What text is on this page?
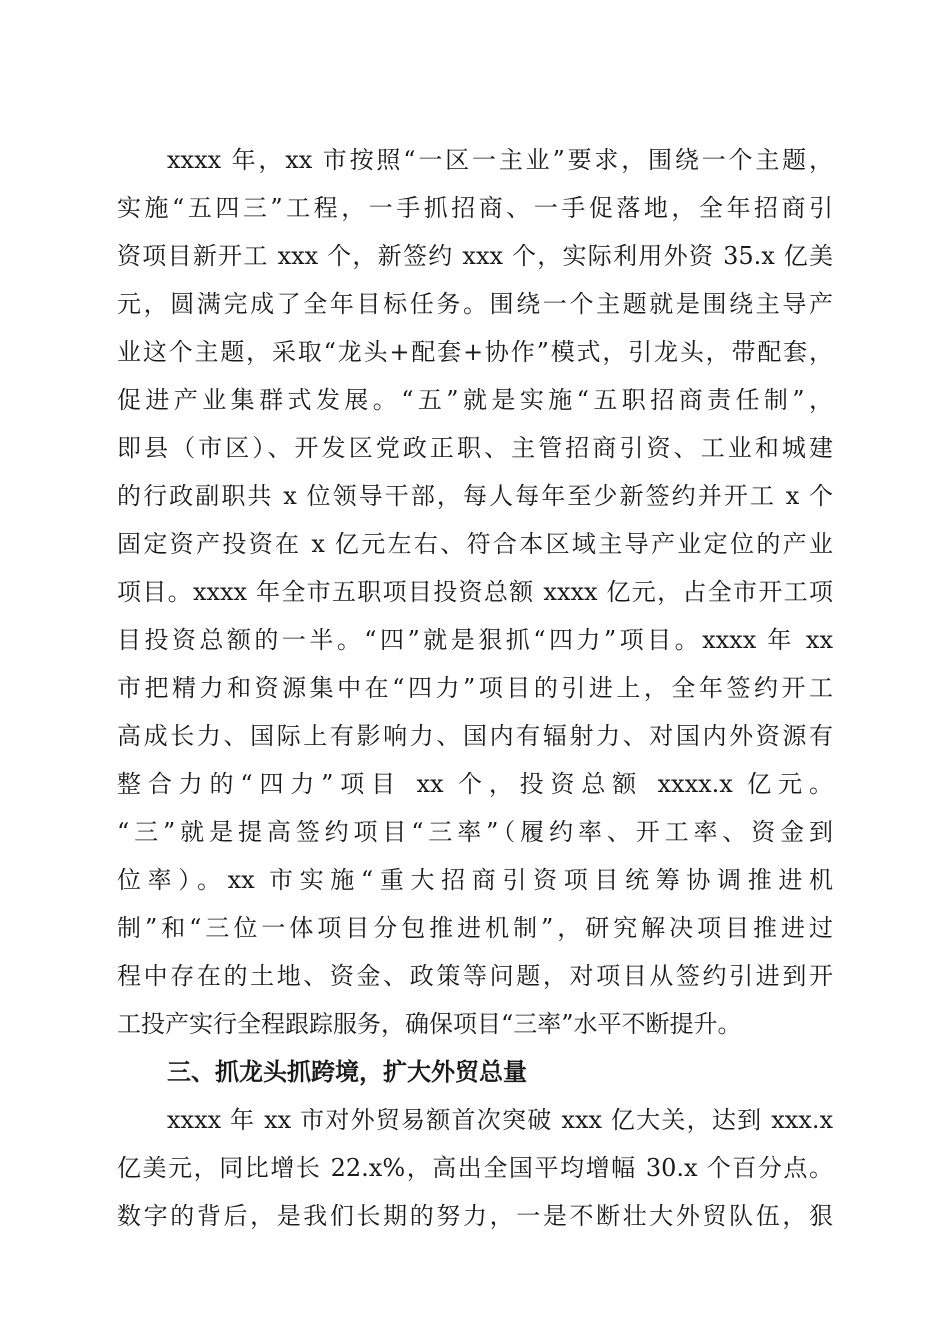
xxxx 年，xx 市按照“一区一主业”要求，围绕一个主题，
实施“五四三”工程，一手抓招商、一手促落地，全年招商引
资项目新开工 xxx 个，新签约 xxx 个，实际利用外资 35.x 亿美
元，圆满完成了全年目标任务。围绕一个主题就是围绕主导产
业这个主题，采取“龙头+配套+协作”模式，引龙头，带配套，
促进产业集群式发展。“五”就是实施“五职招商责任制”，
即县（市区）、开发区党政正职、主管招商引资、工业和城建
的行政副职共 x 位领导干部，每人每年至少新签约并开工 x 个
固定资产投资在 x 亿元左右、符合本区域主导产业定位的产业
项目。xxxx 年全市五职项目投资总额 xxxx 亿元，占全市开工项
目投资总额的一半。“四”就是狠抓“四力”项目。xxxx 年 xx
市把精力和资源集中在“四力”项目的引进上，全年签约开工
高成长力、国际上有影响力、国内有辐射力、对国内外资源有
整合力的“四力”项目 xx 个，投资总额 xxxx.x 亿元。
“三”就是提高签约项目“三率”（履约率、开工率、资金到
位率）。xx 市实施“重大招商引资项目统筹协调推进机
制”和“三位一体项目分包推进机制”，研究解决项目推进过
程中存在的土地、资金、政策等问题，对项目从签约引进到开
工投产实行全程跟踪服务，确保项目“三率”水平不断提升。
三、抓龙头抓跨境，扩大外贸总量
xxxx 年 xx 市对外贸易额首次突破 xxx 亿大关，达到 xxx.x
亿美元，同比增长 22.x%，高出全国平均增幅 30.x 个百分点。
数字的背后，是我们长期的努力，一是不断壮大外贸队伍，狠
